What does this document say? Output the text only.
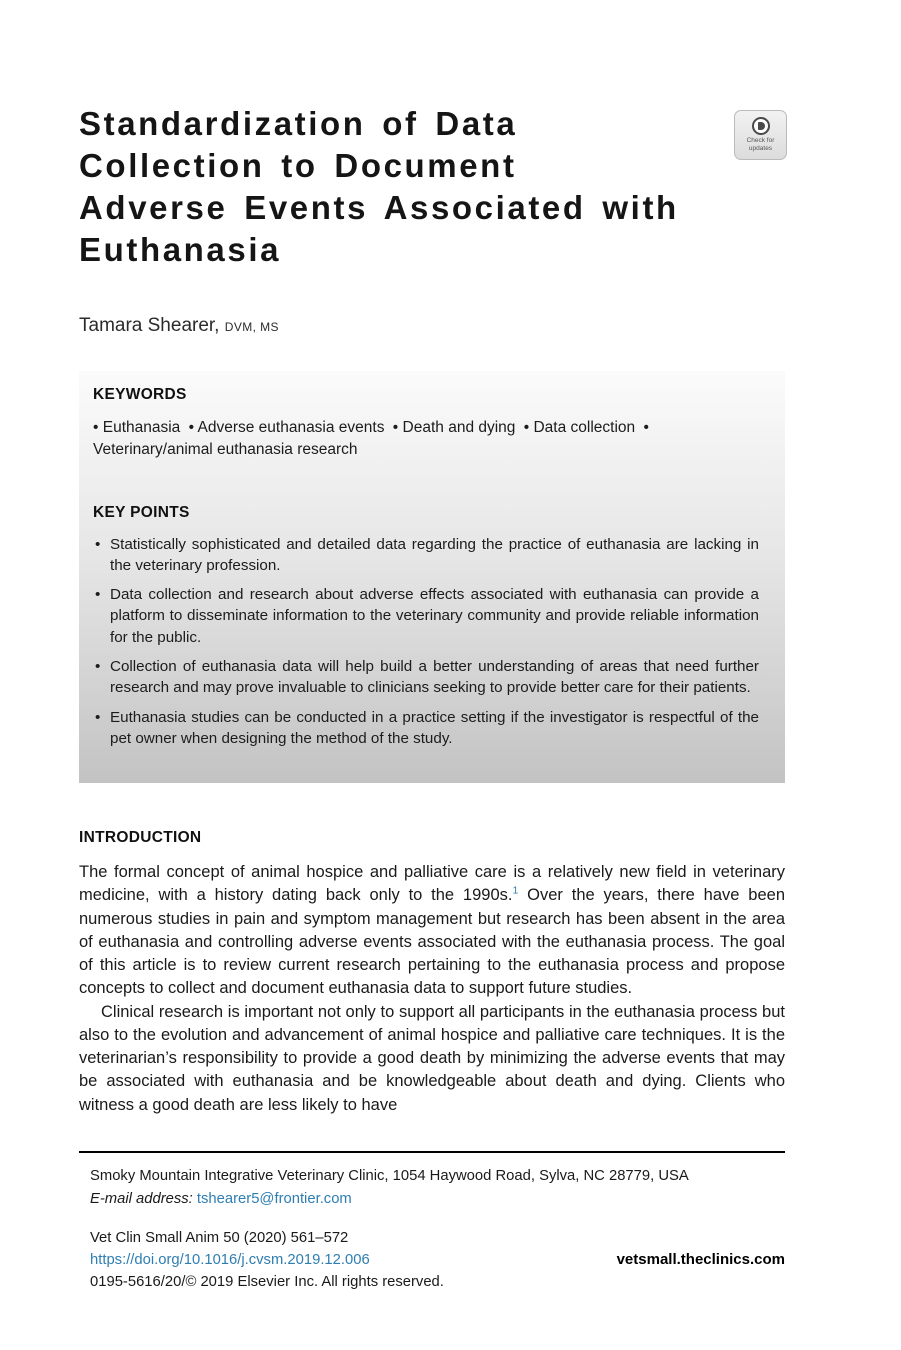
Check for updates
Standardization of Data
Collection to Document
Adverse Events Associated with
Euthanasia
Tamara Shearer, DVM, MS
KEYWORDS
• Euthanasia • Adverse euthanasia events • Death and dying • Data collection • Veterinary/animal euthanasia research
KEY POINTS
• Statistically sophisticated and detailed data regarding the practice of euthanasia are lacking in the veterinary profession.
• Data collection and research about adverse effects associated with euthanasia can provide a platform to disseminate information to the veterinary community and provide reliable information for the public.
• Collection of euthanasia data will help build a better understanding of areas that need further research and may prove invaluable to clinicians seeking to provide better care for their patients.
• Euthanasia studies can be conducted in a practice setting if the investigator is respectful of the pet owner when designing the method of the study.
INTRODUCTION

The formal concept of animal hospice and palliative care is a relatively new field in veterinary medicine, with a history dating back only to the 1990s.$^1$ Over the years, there have been numerous studies in pain and symptom management but research has been absent in the area of euthanasia and controlling adverse events associated with the euthanasia process. The goal of this article is to review current research pertaining to the euthanasia process and propose concepts to collect and document euthanasia data to support future studies.

Clinical research is important not only to support all participants in the euthanasia process but also to the evolution and advancement of animal hospice and palliative care techniques. It is the veterinarian’s responsibility to provide a good death by minimizing the adverse events that may be associated with euthanasia and be knowledgeable about death and dying. Clients who witness a good death are less likely to have

Smoky Mountain Integrative Veterinary Clinic, 1054 Haywood Road, Sylva, NC 28779, USA
E-mail address: tshearer5@frontier.com
Vet Clin Small Anim 50 (2020) 561–572
https://doi.org/10.1016/j.cvsm.2019.12.006	vetsmall.theclinics.com
0195-5616/20/© 2019 Elsevier Inc. All rights reserved.
